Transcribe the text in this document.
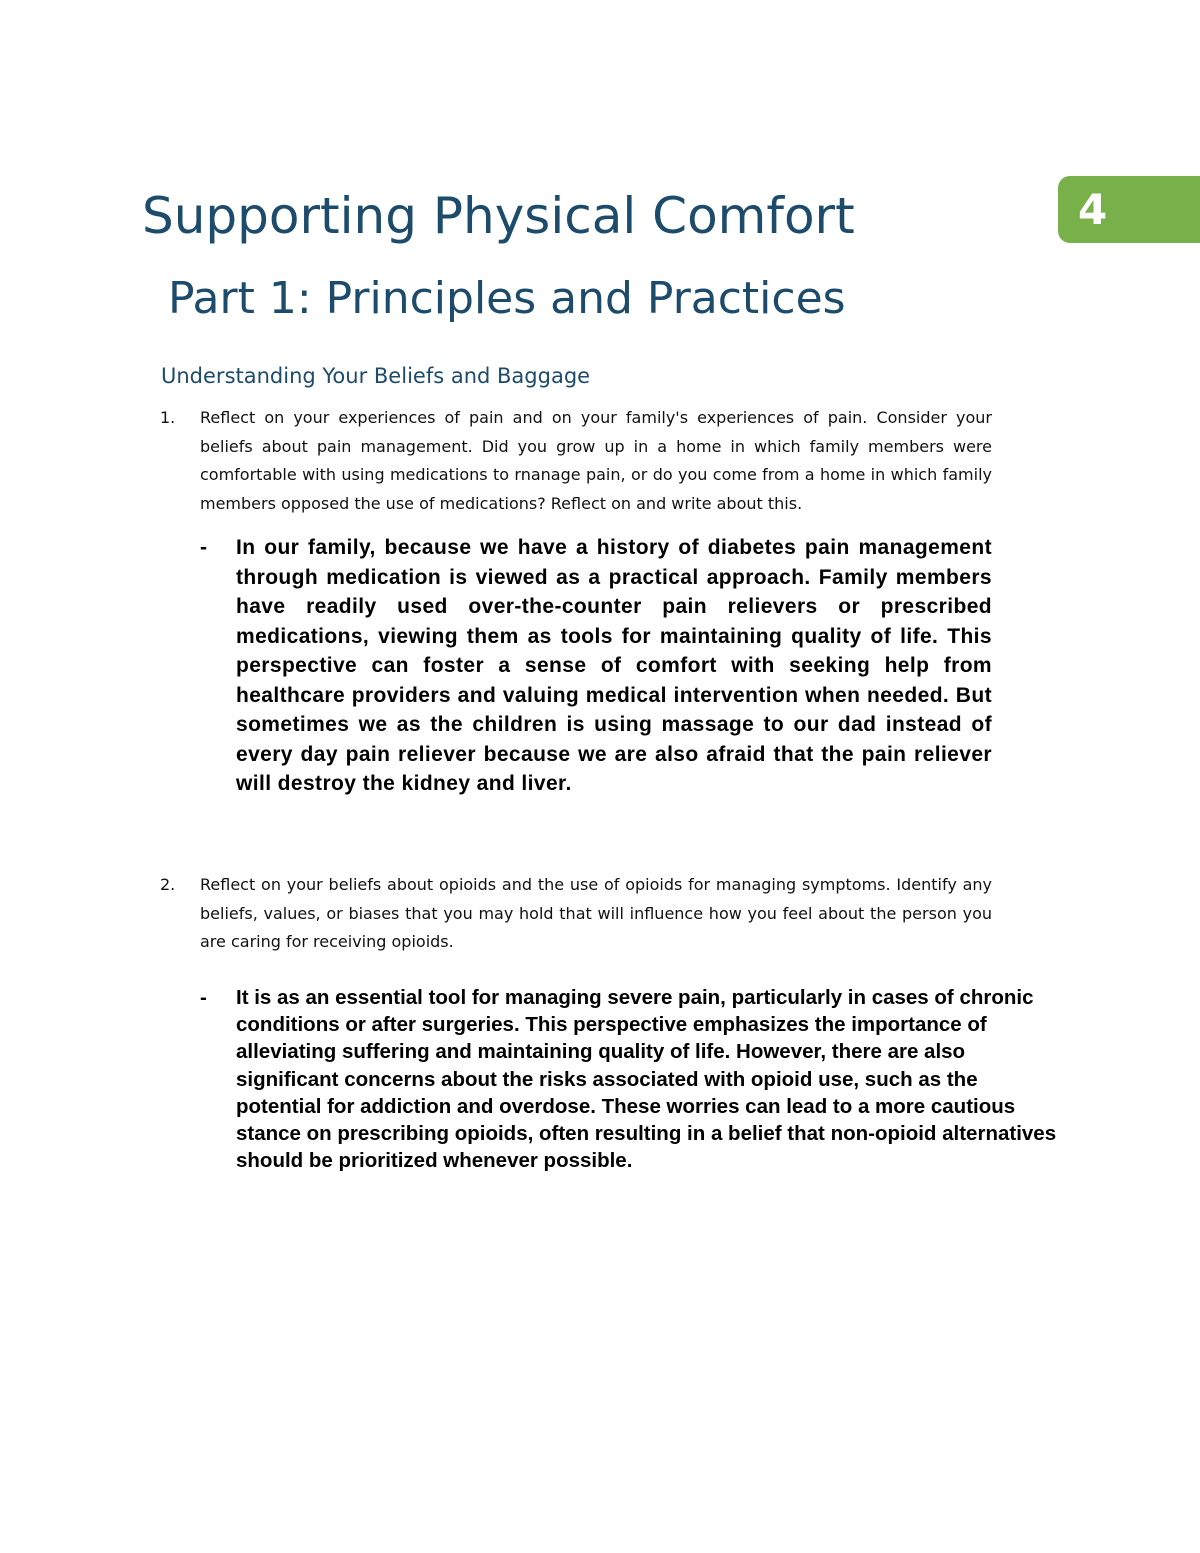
4
Supporting Physical Comfort
Part 1: Principles and Practices
Understanding Your Beliefs and Baggage
1. Reflect on your experiences of pain and on your family's experiences of pain. Consider your beliefs about pain management. Did you grow up in a home in which family members were comfortable with using medications to rnanage pain, or do you come from a home in which family members opposed the use of medications? Reflect on and write about this.
- In our family, because we have a history of diabetes pain management through medication is viewed as a practical approach. Family members have readily used over-the-counter pain relievers or prescribed medications, viewing them as tools for maintaining quality of life. This perspective can foster a sense of comfort with seeking help from healthcare providers and valuing medical intervention when needed. But sometimes we as the children is using massage to our dad instead of every day pain reliever because we are also afraid that the pain reliever will destroy the kidney and liver.
2. Reflect on your beliefs about opioids and the use of opioids for managing symptoms. Identify any beliefs, values, or biases that you may hold that will influence how you feel about the person you are caring for receiving opioids.
- It is as an essential tool for managing severe pain, particularly in cases of chronic conditions or after surgeries. This perspective emphasizes the importance of alleviating suffering and maintaining quality of life. However, there are also significant concerns about the risks associated with opioid use, such as the potential for addiction and overdose. These worries can lead to a more cautious stance on prescribing opioids, often resulting in a belief that non-opioid alternatives should be prioritized whenever possible.
